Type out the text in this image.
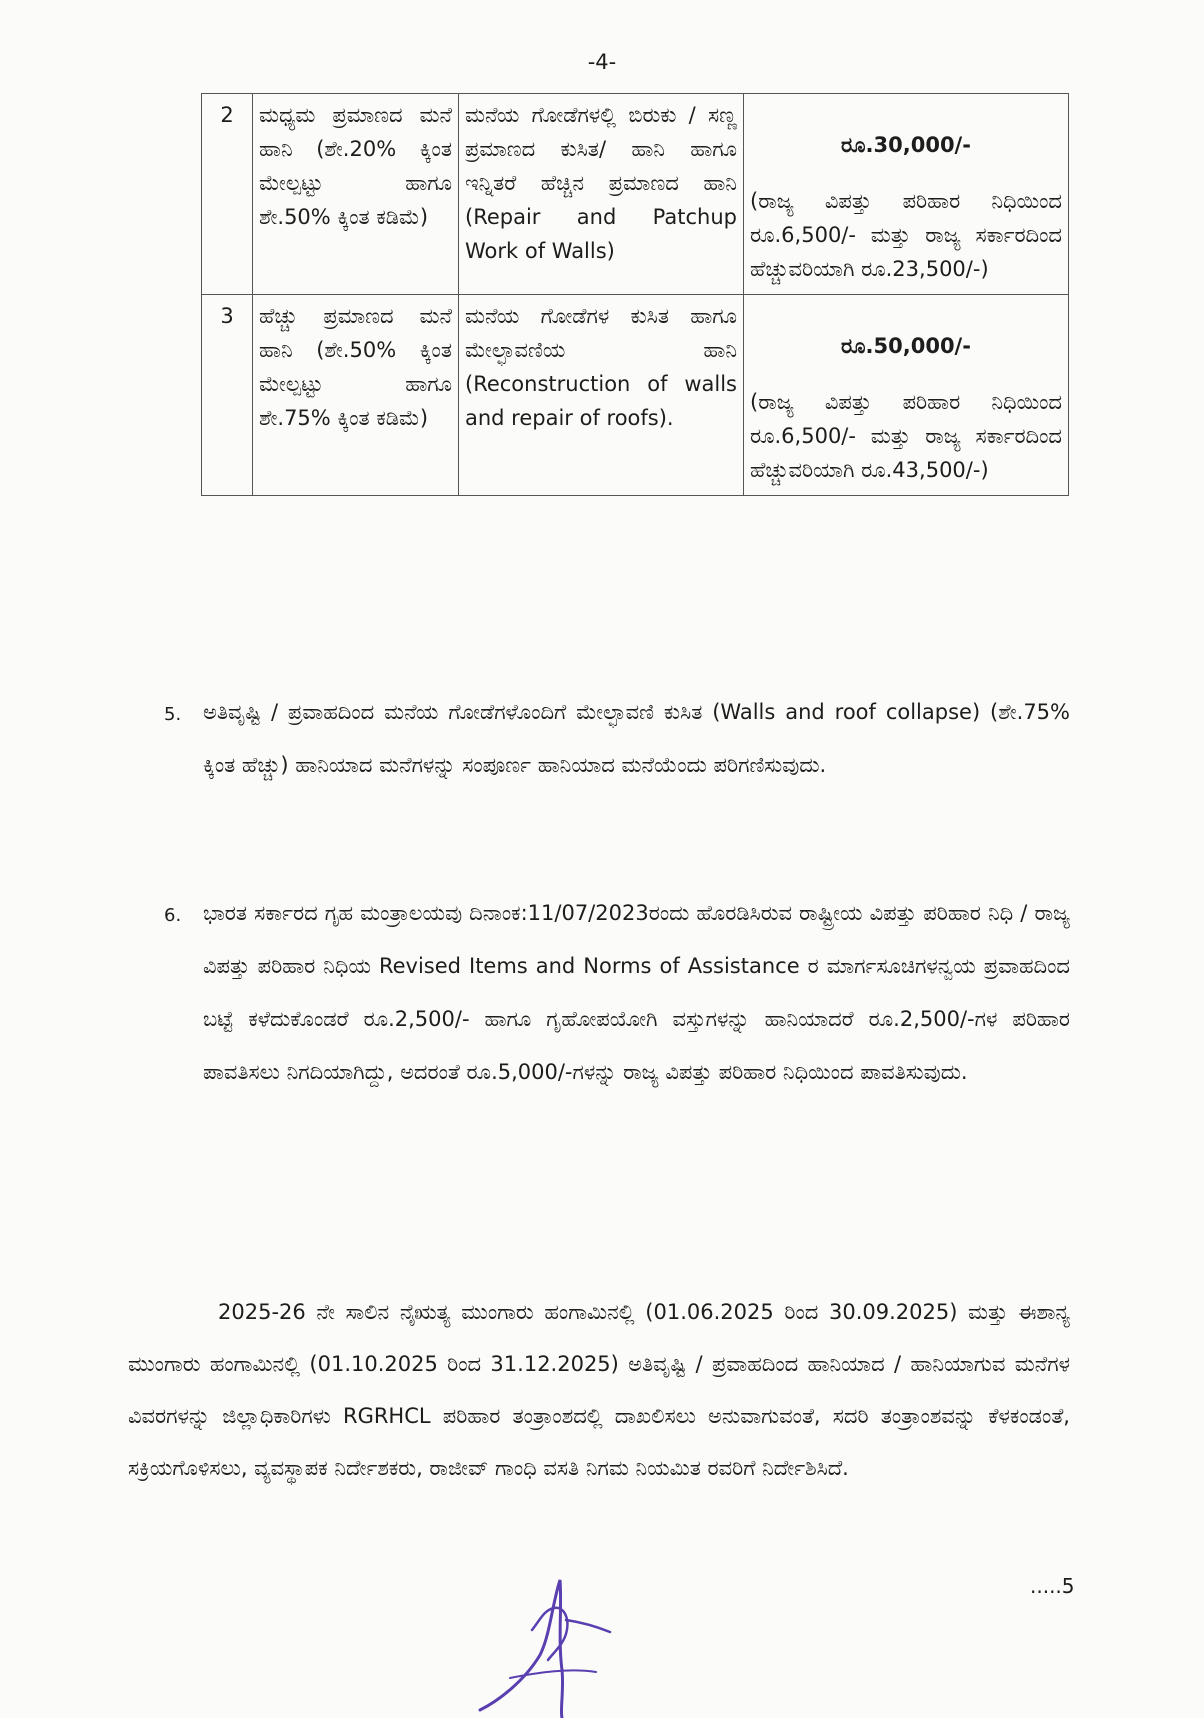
-4-
2	ಮಧ್ಯಮ ಪ್ರಮಾಣದ ಮನೆ ಹಾನಿ (ಶೇ.20% ಕ್ಕಿಂತ ಮೇಲ್ಪಟ್ಟು ಹಾಗೂ ಶೇ.50% ಕ್ಕಿಂತ ಕಡಿಮೆ)	ಮನೆಯ ಗೋಡೆಗಳಲ್ಲಿ ಬಿರುಕು / ಸಣ್ಣ ಪ್ರಮಾಣದ ಕುಸಿತ/ ಹಾನಿ ಹಾಗೂ ಇನ್ನಿತರೆ ಹೆಚ್ಚಿನ ಪ್ರಮಾಣದ ಹಾನಿ (Repair and Patchup Work of Walls)	ರೂ.30,000/-
(ರಾಜ್ಯ ವಿಪತ್ತು ಪರಿಹಾರ ನಿಧಿಯಿಂದ ರೂ.6,500/- ಮತ್ತು ರಾಜ್ಯ ಸರ್ಕಾರದಿಂದ ಹೆಚ್ಚುವರಿಯಾಗಿ ರೂ.23,500/-)
3	ಹೆಚ್ಚು ಪ್ರಮಾಣದ ಮನೆ ಹಾನಿ (ಶೇ.50% ಕ್ಕಿಂತ ಮೇಲ್ಪಟ್ಟು ಹಾಗೂ ಶೇ.75% ಕ್ಕಿಂತ ಕಡಿಮೆ)	ಮನೆಯ ಗೋಡೆಗಳ ಕುಸಿತ ಹಾಗೂ ಮೇಲ್ಛಾವಣಿಯ ಹಾನಿ (Reconstruction of walls and repair of roofs).	ರೂ.50,000/-
(ರಾಜ್ಯ ವಿಪತ್ತು ಪರಿಹಾರ ನಿಧಿಯಿಂದ ರೂ.6,500/- ಮತ್ತು ರಾಜ್ಯ ಸರ್ಕಾರದಿಂದ ಹೆಚ್ಚುವರಿಯಾಗಿ ರೂ.43,500/-)
5. ಅತಿವೃಷ್ಟಿ / ಪ್ರವಾಹದಿಂದ ಮನೆಯ ಗೋಡೆಗಳೊಂದಿಗೆ ಮೇಲ್ಛಾವಣಿ ಕುಸಿತ (Walls and roof collapse) (ಶೇ.75% ಕ್ಕಿಂತ ಹೆಚ್ಚು) ಹಾನಿಯಾದ ಮನೆಗಳನ್ನು ಸಂಪೂರ್ಣ ಹಾನಿಯಾದ ಮನೆಯೆಂದು ಪರಿಗಣಿಸುವುದು.
6. ಭಾರತ ಸರ್ಕಾರದ ಗೃಹ ಮಂತ್ರಾಲಯವು ದಿನಾಂಕ:11/07/2023ರಂದು ಹೊರಡಿಸಿರುವ ರಾಷ್ಟ್ರೀಯ ವಿಪತ್ತು ಪರಿಹಾರ ನಿಧಿ / ರಾಜ್ಯ ವಿಪತ್ತು ಪರಿಹಾರ ನಿಧಿಯ Revised Items and Norms of Assistance ರ ಮಾರ್ಗಸೂಚಿಗಳನ್ವಯ ಪ್ರವಾಹದಿಂದ ಬಟ್ಟೆ ಕಳೆದುಕೊಂಡರೆ ರೂ.2,500/- ಹಾಗೂ ಗೃಹೋಪಯೋಗಿ ವಸ್ತುಗಳನ್ನು ಹಾನಿಯಾದರೆ ರೂ.2,500/-ಗಳ ಪರಿಹಾರ ಪಾವತಿಸಲು ನಿಗದಿಯಾಗಿದ್ದು, ಅದರಂತೆ ರೂ.5,000/-ಗಳನ್ನು ರಾಜ್ಯ ವಿಪತ್ತು ಪರಿಹಾರ ನಿಧಿಯಿಂದ ಪಾವತಿಸುವುದು.
2025-26 ನೇ ಸಾಲಿನ ನೈಋತ್ಯ ಮುಂಗಾರು ಹಂಗಾಮಿನಲ್ಲಿ (01.06.2025 ರಿಂದ 30.09.2025) ಮತ್ತು ಈಶಾನ್ಯ ಮುಂಗಾರು ಹಂಗಾಮಿನಲ್ಲಿ (01.10.2025 ರಿಂದ 31.12.2025) ಅತಿವೃಷ್ಟಿ / ಪ್ರವಾಹದಿಂದ ಹಾನಿಯಾದ / ಹಾನಿಯಾಗುವ ಮನೆಗಳ ವಿವರಗಳನ್ನು ಜಿಲ್ಲಾಧಿಕಾರಿಗಳು RGRHCL ಪರಿಹಾರ ತಂತ್ರಾಂಶದಲ್ಲಿ ದಾಖಲಿಸಲು ಅನುವಾಗುವಂತೆ, ಸದರಿ ತಂತ್ರಾಂಶವನ್ನು ಕೆಳಕಂಡಂತೆ, ಸಕ್ರಿಯಗೊಳಿಸಲು, ವ್ಯವಸ್ಥಾಪಕ ನಿರ್ದೇಶಕರು, ರಾಜೀವ್ ಗಾಂಧಿ ವಸತಿ ನಿಗಮ ನಿಯಮಿತ ರವರಿಗೆ ನಿರ್ದೇಶಿಸಿದೆ.
.....5
